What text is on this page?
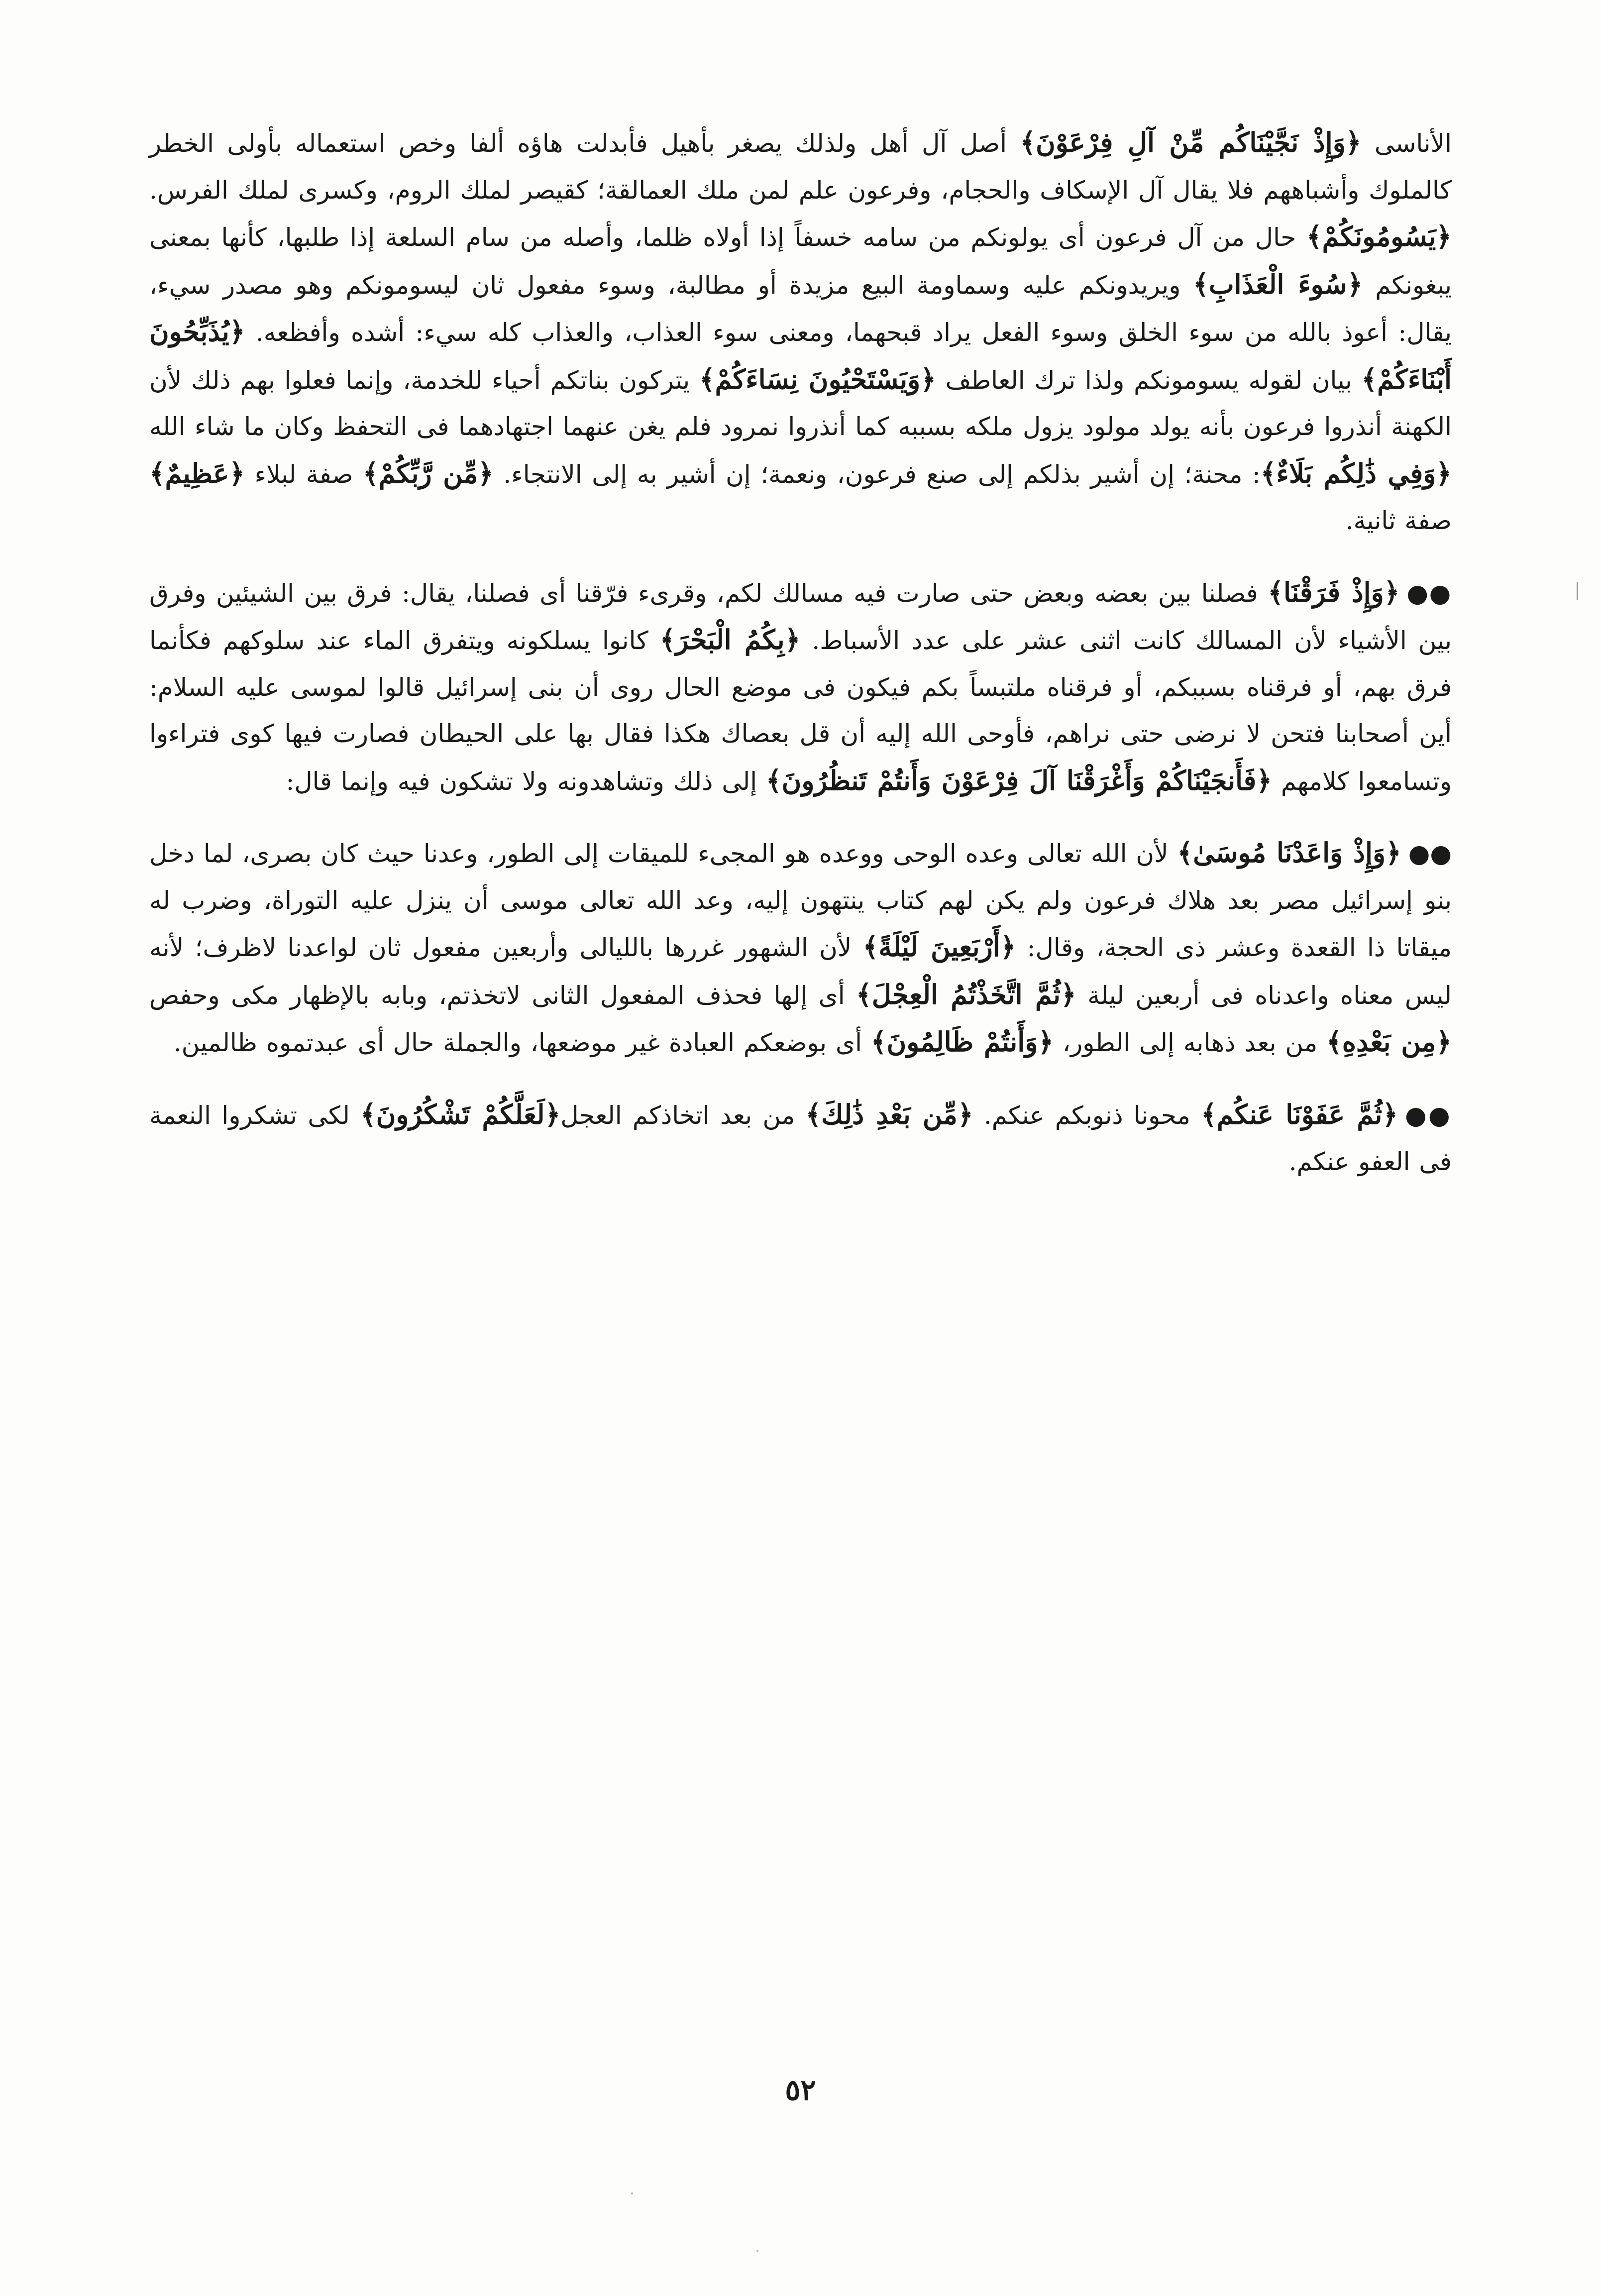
الأناسى ﴿وَإِذْ نَجَّيْنَاكُم مِّنْ آلِ فِرْعَوْنَ﴾ أصل آل أهل ولذلك يصغر بأهيل فأبدلت هاؤه ألفا وخص استعماله بأولى الخطر كالملوك وأشباههم فلا يقال آل الإسكاف والحجام، وفرعون علم لمن ملك العمالقة؛ كقيصر لملك الروم، وكسرى لملك الفرس. ﴿يَسُومُونَكُمْ﴾ حال من آل فرعون أى يولونكم من سامه خسفاً إذا أولاه ظلما، وأصله من سام السلعة إذا طلبها، كأنها بمعنى يبغونكم ﴿سُوءَ الْعَذَابِ﴾ ويريدونكم عليه وسماومة البيع مزيدة أو مطالبة، وسوء مفعول ثان ليسومونكم وهو مصدر سيء، يقال: أعوذ بالله من سوء الخلق وسوء الفعل يراد قبحهما، ومعنى سوء العذاب، والعذاب كله سيء: أشده وأفظعه. ﴿يُذَبِّحُونَ أَبْنَاءَكُمْ﴾ بيان لقوله يسومونكم ولذا ترك العاطف ﴿وَيَسْتَحْيُونَ نِسَاءَكُمْ﴾ يتركون بناتكم أحياء للخدمة، وإنما فعلوا بهم ذلك لأن الكهنة أنذروا فرعون بأنه يولد مولود يزول ملكه بسببه كما أنذروا نمرود فلم يغن عنهما اجتهادهما فى التحفظ وكان ما شاء الله ﴿وَفِي ذَٰلِكُم بَلَاءٌ﴾: محنة؛ إن أشير بذلكم إلى صنع فرعون، ونعمة؛ إن أشير به إلى الانتجاء. ﴿مِّن رَّبِّكُمْ﴾ صفة لبلاء ﴿عَظِيمٌ﴾ صفة ثانية.

●●﴿وَإِذْ فَرَقْنَا﴾ فصلنا بين بعضه وبعض حتى صارت فيه مسالك لكم، وقرىء فرّقنا أى فصلنا، يقال: فرق بين الشيئين وفرق بين الأشياء لأن المسالك كانت اثنى عشر على عدد الأسباط. ﴿بِكُمُ الْبَحْرَ﴾ كانوا يسلكونه ويتفرق الماء عند سلوكهم فكأنما فرق بهم، أو فرقناه بسببكم، أو فرقناه ملتبساً بكم فيكون فى موضع الحال روى أن بنى إسرائيل قالوا لموسى عليه السلام: أين أصحابنا فتحن لا نرضى حتى نراهم، فأوحى الله إليه أن قل بعصاك هكذا فقال بها على الحيطان فصارت فيها كوى فتراءوا وتسامعوا كلامهم ﴿فَأَنجَيْنَاكُمْ وَأَغْرَقْنَا آلَ فِرْعَوْنَ وَأَنتُمْ تَنظُرُونَ﴾ إلى ذلك وتشاهدونه ولا تشكون فيه وإنما قال:

●●﴿وَإِذْ وَاعَدْنَا مُوسَىٰ﴾ لأن الله تعالى وعده الوحى ووعده هو المجىء للميقات إلى الطور، وعدنا حيث كان بصرى، لما دخل بنو إسرائيل مصر بعد هلاك فرعون ولم يكن لهم كتاب ينتهون إليه، وعد الله تعالى موسى أن ينزل عليه التوراة، وضرب له ميقاتا ذا القعدة وعشر ذى الحجة، وقال: ﴿أَرْبَعِينَ لَيْلَةً﴾ لأن الشهور غررها بالليالى وأربعين مفعول ثان لواعدنا لاظرف؛ لأنه ليس معناه واعدناه فى أربعين ليلة ﴿ثُمَّ اتَّخَذْتُمُ الْعِجْلَ﴾ أى إلها فحذف المفعول الثانى لاتخذتم، وبابه بالإظهار مكى وحفص ﴿مِن بَعْدِهِ﴾ من بعد ذهابه إلى الطور، ﴿وَأَنتُمْ ظَالِمُونَ﴾ أى بوضعكم العبادة غير موضعها، والجملة حال أى عبدتموه ظالمين.

●●﴿ثُمَّ عَفَوْنَا عَنكُم﴾ محونا ذنوبكم عنكم. ﴿مِّن بَعْدِ ذَٰلِكَ﴾ من بعد اتخاذكم العجل﴿لَعَلَّكُمْ تَشْكُرُونَ﴾ لكى تشكروا النعمة فى العفو عنكم.

٥٢
